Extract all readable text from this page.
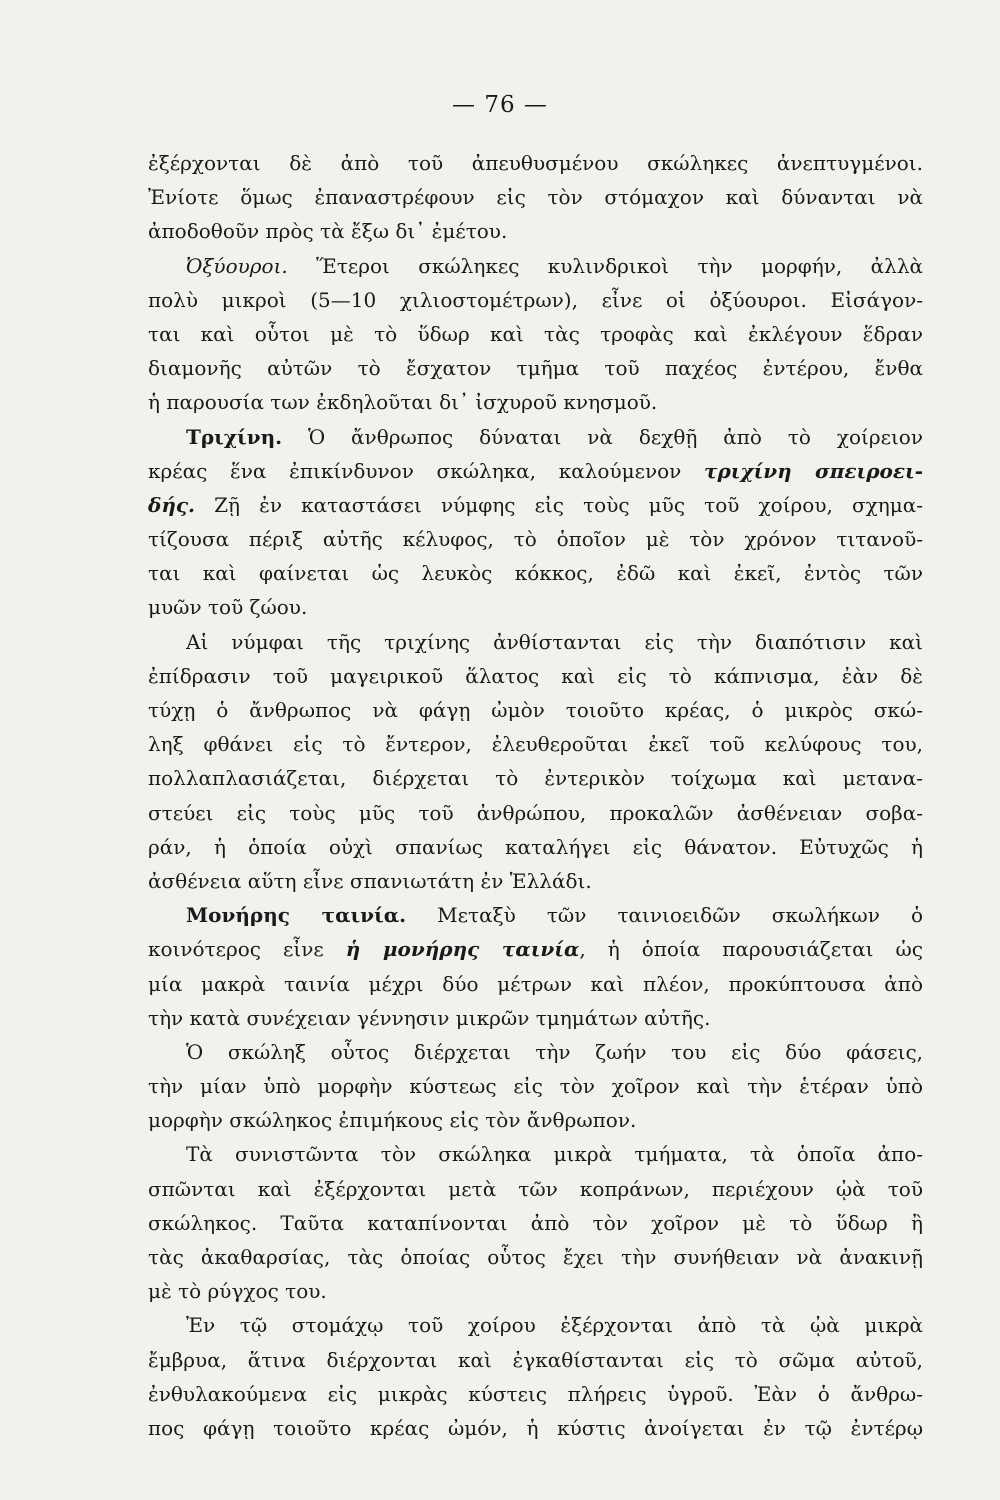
— 76 —
ἐξέρχονται δὲ ἀπὸ τοῦ ἀπευθυσμένου σκώληκες ἀνεπτυγμένοι.
Ἐνίοτε ὅμως ἐπαναστρέφουν εἰς τὸν στόμαχον καὶ δύνανται νὰ
ἀποδοθοῦν πρὸς τὰ ἔξω δι᾽ ἐμέτου.
Ὀξύουροι. Ἕτεροι σκώληκες κυλινδρικοὶ τὴν μορφήν, ἀλλὰ
πολὺ μικροὶ (5—10 χιλιοστομέτρων), εἶνε οἱ ὀξύουροι. Εἰσάγον-
ται καὶ οὗτοι μὲ τὸ ὕδωρ καὶ τὰς τροφὰς καὶ ἐκλέγουν ἕδραν
διαμονῆς αὐτῶν τὸ ἔσχατον τμῆμα τοῦ παχέος ἐντέρου, ἔνθα
ἡ παρουσία των ἐκδηλοῦται δι᾽ ἰσχυροῦ κνησμοῦ.
Τριχίνη. Ὁ ἄνθρωπος δύναται νὰ δεχθῇ ἀπὸ τὸ χοίρειον
κρέας ἕνα ἐπικίνδυνον σκώληκα, καλούμενον τριχίνη σπειροει-
δής. Ζῇ ἐν καταστάσει νύμφης εἰς τοὺς μῦς τοῦ χοίρου, σχημα-
τίζουσα πέριξ αὐτῆς κέλυφος, τὸ ὁποῖον μὲ τὸν χρόνον τιτανοῦ-
ται καὶ φαίνεται ὡς λευκὸς κόκκος, ἐδῶ καὶ ἐκεῖ, ἐντὸς τῶν
μυῶν τοῦ ζώου.
Αἱ νύμφαι τῆς τριχίνης ἀνθίστανται εἰς τὴν διαπότισιν καὶ
ἐπίδρασιν τοῦ μαγειρικοῦ ἅλατος καὶ εἰς τὸ κάπνισμα, ἐὰν δὲ
τύχῃ ὁ ἄνθρωπος νὰ φάγῃ ὠμὸν τοιοῦτο κρέας, ὁ μικρὸς σκώ-
ληξ φθάνει εἰς τὸ ἔντερον, ἐλευθεροῦται ἐκεῖ τοῦ κελύφους του,
πολλαπλασιάζεται, διέρχεται τὸ ἐντερικὸν τοίχωμα καὶ μετανα-
στεύει εἰς τοὺς μῦς τοῦ ἀνθρώπου, προκαλῶν ἀσθένειαν σοβα-
ράν, ἡ ὁποία οὐχὶ σπανίως καταλήγει εἰς θάνατον. Εὐτυχῶς ἡ
ἀσθένεια αὕτη εἶνε σπανιωτάτη ἐν Ἑλλάδι.
Μονήρης ταινία. Μεταξὺ τῶν ταινιοειδῶν σκωλήκων ὁ
κοινότερος εἶνε ἡ μονήρης ταινία, ἡ ὁποία παρουσιάζεται ὡς
μία μακρὰ ταινία μέχρι δύο μέτρων καὶ πλέον, προκύπτουσα ἀπὸ
τὴν κατὰ συνέχειαν γέννησιν μικρῶν τμημάτων αὐτῆς.
Ὁ σκώληξ οὗτος διέρχεται τὴν ζωήν του εἰς δύο φάσεις,
τὴν μίαν ὑπὸ μορφὴν κύστεως εἰς τὸν χοῖρον καὶ τὴν ἑτέραν ὑπὸ
μορφὴν σκώληκος ἐπιμήκους εἰς τὸν ἄνθρωπον.
Τὰ συνιστῶντα τὸν σκώληκα μικρὰ τμήματα, τὰ ὁποῖα ἀπο-
σπῶνται καὶ ἐξέρχονται μετὰ τῶν κοπράνων, περιέχουν ᾠὰ τοῦ
σκώληκος. Ταῦτα καταπίνονται ἀπὸ τὸν χοῖρον μὲ τὸ ὕδωρ ἢ
τὰς ἀκαθαρσίας, τὰς ὁποίας οὗτος ἔχει τὴν συνήθειαν νὰ ἀνακινῇ
μὲ τὸ ρύγχος του.
Ἐν τῷ στομάχῳ τοῦ χοίρου ἐξέρχονται ἀπὸ τὰ ᾠὰ μικρὰ
ἔμβρυα, ἅτινα διέρχονται καὶ ἐγκαθίστανται εἰς τὸ σῶμα αὐτοῦ,
ἐνθυλακούμενα εἰς μικρὰς κύστεις πλήρεις ὑγροῦ. Ἐὰν ὁ ἄνθρω-
πος φάγῃ τοιοῦτο κρέας ὠμόν, ἡ κύστις ἀνοίγεται ἐν τῷ ἐντέρῳ
